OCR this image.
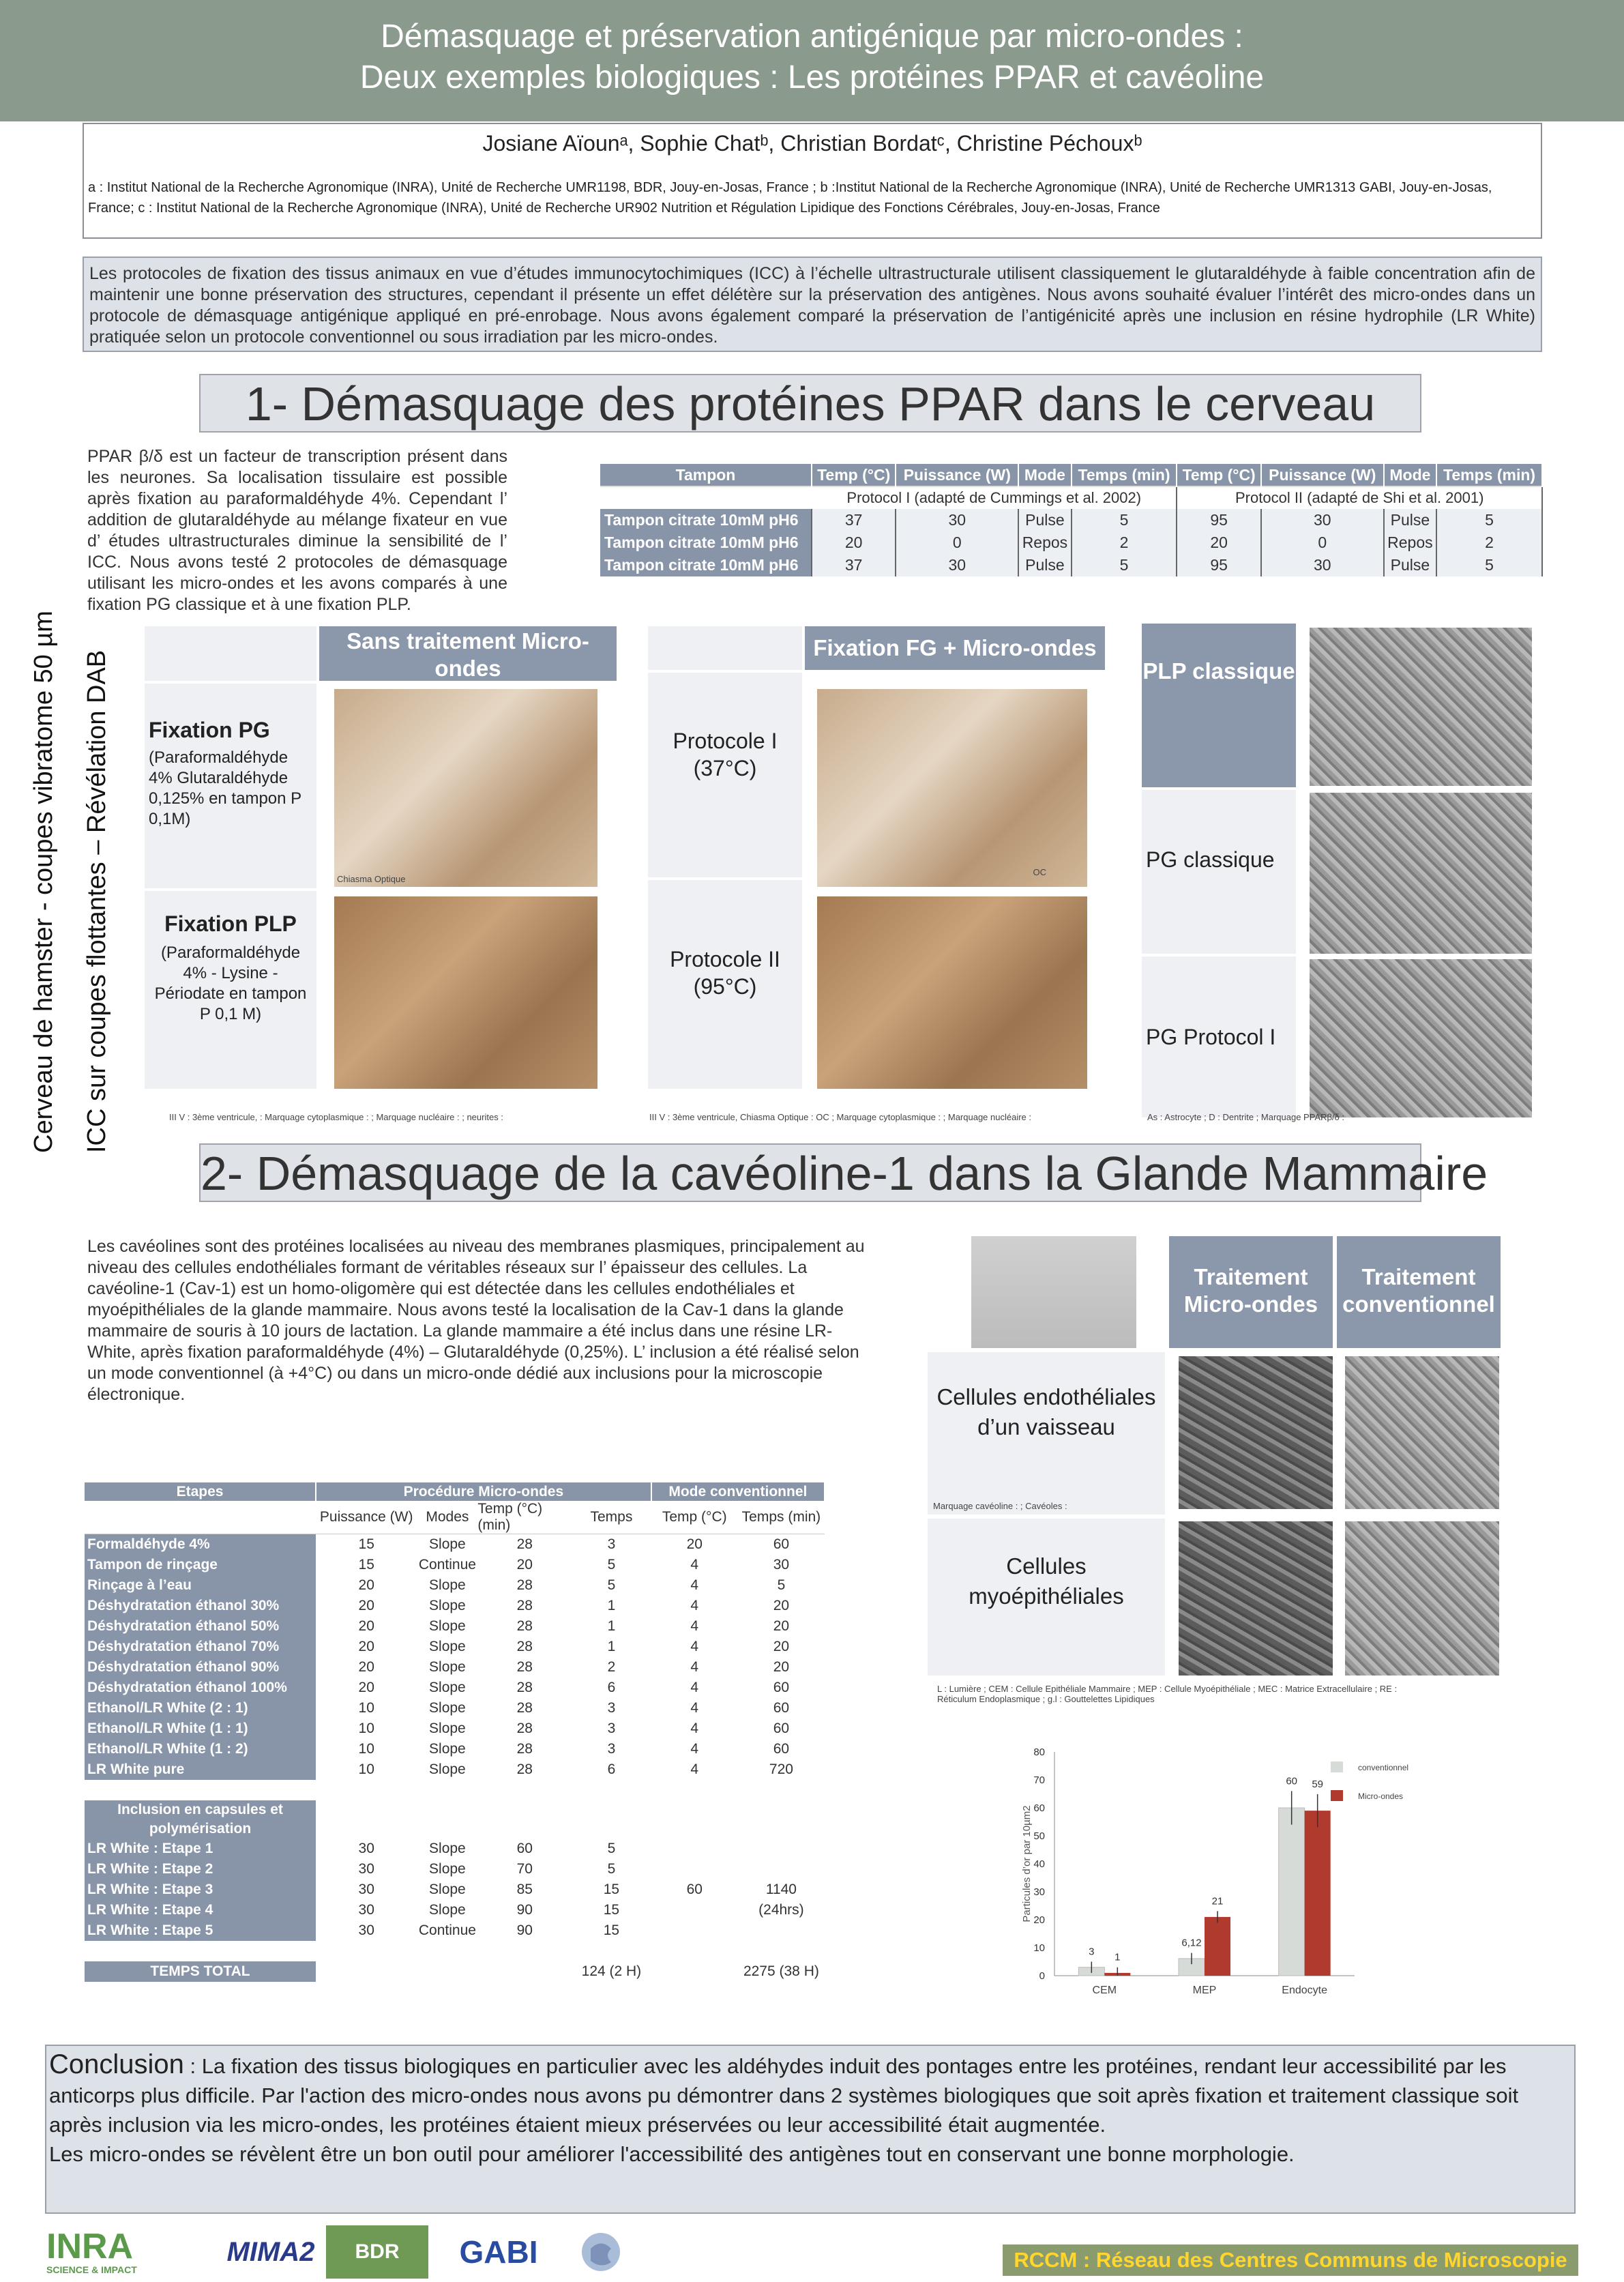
Démasquage et préservation antigénique par micro-ondes :
Deux exemples biologiques : Les protéines PPAR et cavéoline
Josiane Aïounᵃ, Sophie Chatᵇ, Christian Bordatᶜ, Christine Péchouxᵇ
a : Institut National de la Recherche Agronomique (INRA), Unité de Recherche UMR1198, BDR, Jouy-en-Josas, France ; b :Institut National de la Recherche Agronomique (INRA), Unité de Recherche UMR1313 GABI, Jouy-en-Josas, France; c : Institut National de la Recherche Agronomique (INRA), Unité de Recherche UR902 Nutrition et Régulation Lipidique des Fonctions Cérébrales, Jouy-en-Josas, France
Les protocoles de fixation des tissus animaux en vue d’études immunocytochimiques (ICC) à l’échelle ultrastructurale utilisent classiquement le glutaraldéhyde à faible concentration afin de maintenir une bonne préservation des structures, cependant il présente un effet délétère sur la préservation des antigènes. Nous avons souhaité évaluer l’intérêt des micro-ondes dans un protocole de démasquage antigénique appliqué en pré-enrobage. Nous avons également comparé la préservation de l’antigénicité après une inclusion en résine hydrophile (LR White) pratiquée selon un protocole conventionnel ou sous irradiation par les micro-ondes.
1- Démasquage des protéines PPAR dans le cerveau
PPAR β/δ est un facteur de transcription présent dans les neurones. Sa localisation tissulaire est possible après fixation au paraformaldéhyde 4%. Cependant l’ addition de glutaraldéhyde au mélange fixateur en vue d’ études ultrastructurales diminue la sensibilité de l’ ICC. Nous avons testé 2 protocoles de démasquage utilisant les micro-ondes et les avons comparés à une fixation PG classique et à une fixation PLP.
Tampon	Temp (°C)	Puissance (W)	Mode	Temps (min)	Temp (°C)	Puissance (W)	Mode	Temps (min)
	Protocol I (adapté de Cummings et al. 2002)				Protocol II (adapté de Shi et al. 2001)			
Tampon citrate 10mM pH6	37	30	Pulse	5	95	30	Pulse	5
Tampon citrate 10mM pH6	20	0	Repos	2	20	0	Repos	2
Tampon citrate 10mM pH6	37	30	Pulse	5	95	30	Pulse	5
Cerveau de hamster - coupes vibratome 50 µm ICC sur coupes flottantes – Révélation DAB
Sans traitement Micro-ondes
Fixation PG
(Paraformaldéhyde 4% Glutaraldéhyde 0,125% en tampon P 0,1M)
Chiasma Optique
Fixation PLP
(Paraformaldéhyde 4% - Lysine - Périodate en tampon P 0,1 M)
III V : 3ème ventricule, : Marquage cytoplasmique : ; Marquage nucléaire : ; neurites :
Fixation FG + Micro-ondes
Protocole I (37°C)
OC
Protocole II (95°C)
III V : 3ème ventricule, Chiasma Optique : OC ; Marquage cytoplasmique : ; Marquage nucléaire :
PLP classique
PG classique
PG Protocol I
As : Astrocyte ; D : Dentrite ; Marquage PPARβ/δ :
2- Démasquage de la cavéoline-1 dans la Glande Mammaire
Les cavéolines sont des protéines localisées au niveau des membranes plasmiques, principalement au niveau des cellules endothéliales formant de véritables réseaux sur l’ épaisseur des cellules. La cavéoline-1 (Cav-1) est un homo-oligomère qui est détectée dans les cellules endothéliales et myoépithéliales de la glande mammaire. Nous avons testé la localisation de la Cav-1 dans la glande mammaire de souris à 10 jours de lactation. La glande mammaire a été inclus dans une résine LR-White, après fixation paraformaldéhyde (4%) – Glutaraldéhyde (0,25%). L’ inclusion a été réalisé selon un mode conventionnel (à +4°C) ou dans un micro-onde dédié aux inclusions pour la microscopie électronique.
Traitement Micro-ondes
Traitement conventionnel
Cellules endothéliales d’un vaisseau
Marquage cavéoline : ; Cavéoles :
Cellules myoépithéliales
L : Lumière ; CEM : Cellule Epithéliale Mammaire ; MEP : Cellule Myoépithéliale ; MEC : Matrice Extracellulaire ; RE : Réticulum Endoplasmique ; g.l : Gouttelettes Lipidiques
Etapes	Procédure Micro-ondes				Mode conventionnel	
	Puissance (W)	Modes	Temp (°C) (min)	Temps	Temp (°C)	Temps (min)
Formaldéhyde 4%	15	Slope	28	3	20	60
Tampon de rinçage	15	Continue	20	5	4	30
Rinçage à l’eau	20	Slope	28	5	4	5
Déshydratation éthanol 30%	20	Slope	28	1	4	20
Déshydratation éthanol 50%	20	Slope	28	1	4	20
Déshydratation éthanol 70%	20	Slope	28	1	4	20
Déshydratation éthanol 90%	20	Slope	28	2	4	20
Déshydratation éthanol 100%	20	Slope	28	6	4	60
Ethanol/LR White (2 : 1)	10	Slope	28	3	4	60
Ethanol/LR White (1 : 1)	10	Slope	28	3	4	60
Ethanol/LR White (1 : 2)	10	Slope	28	3	4	60
LR White pure	10	Slope	28	6	4	720

Inclusion en capsules et polymérisation						
LR White : Etape 1	30	Slope	60	5		
LR White : Etape 2	30	Slope	70	5		
LR White : Etape 3	30	Slope	85	15	60	1140
LR White : Etape 4	30	Slope	90	15		(24hrs)
LR White : Etape 5	30	Continue	90	15		

TEMPS TOTAL				124 (2 H)		2275 (38 H)	0
10
20
30
40
50
60
70
80
Particules d’or par 10µm2
CEM
3 1
MEP
6,12
21
Endocyte
60 59
conventionnel
Micro-ondes
Conclusion : La fixation des tissus biologiques en particulier avec les aldéhydes induit des pontages entre les protéines, rendant leur accessibilité par les anticorps plus difficile. Par l'action des micro-ondes nous avons pu démontrer dans 2 systèmes biologiques que soit après fixation et traitement classique soit après inclusion via les micro-ondes, les protéines étaient mieux préservées ou leur accessibilité était augmentée.
Les micro-ondes se révèlent être un bon outil pour améliorer l'accessibilité des antigènes tout en conservant une bonne morphologie.
INRA
SCIENCE & IMPACT
MIMA2	BDR	GABI	RCCM : Réseau des Centres Communs de Microscopie
